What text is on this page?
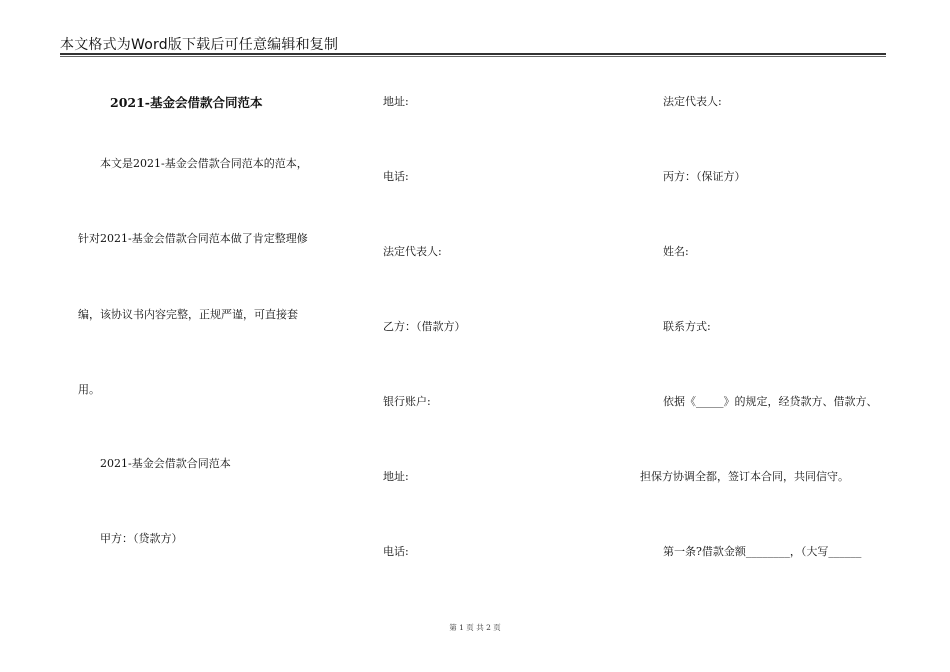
本文格式为Word版下载后可任意编辑和复制
2021-基金会借款合同范本
本文是2021-基金会借款合同范本的范本，
针对2021-基金会借款合同范本做了肯定整理修
编，该协议书内容完整，正规严谨，可直接套
用。
2021-基金会借款合同范本
甲方：（贷款方）
地址:
电话:
法定代表人:
乙方：（借款方）
银行账户:
地址:
电话:
法定代表人:
丙方：（保证方）
姓名:
联系方式:
依据《_____》的规定，经贷款方、借款方、
担保方协调全都，签订本合同，共同信守。
第一条?借款金额________，（大写______
第 1 页 共 2 页
